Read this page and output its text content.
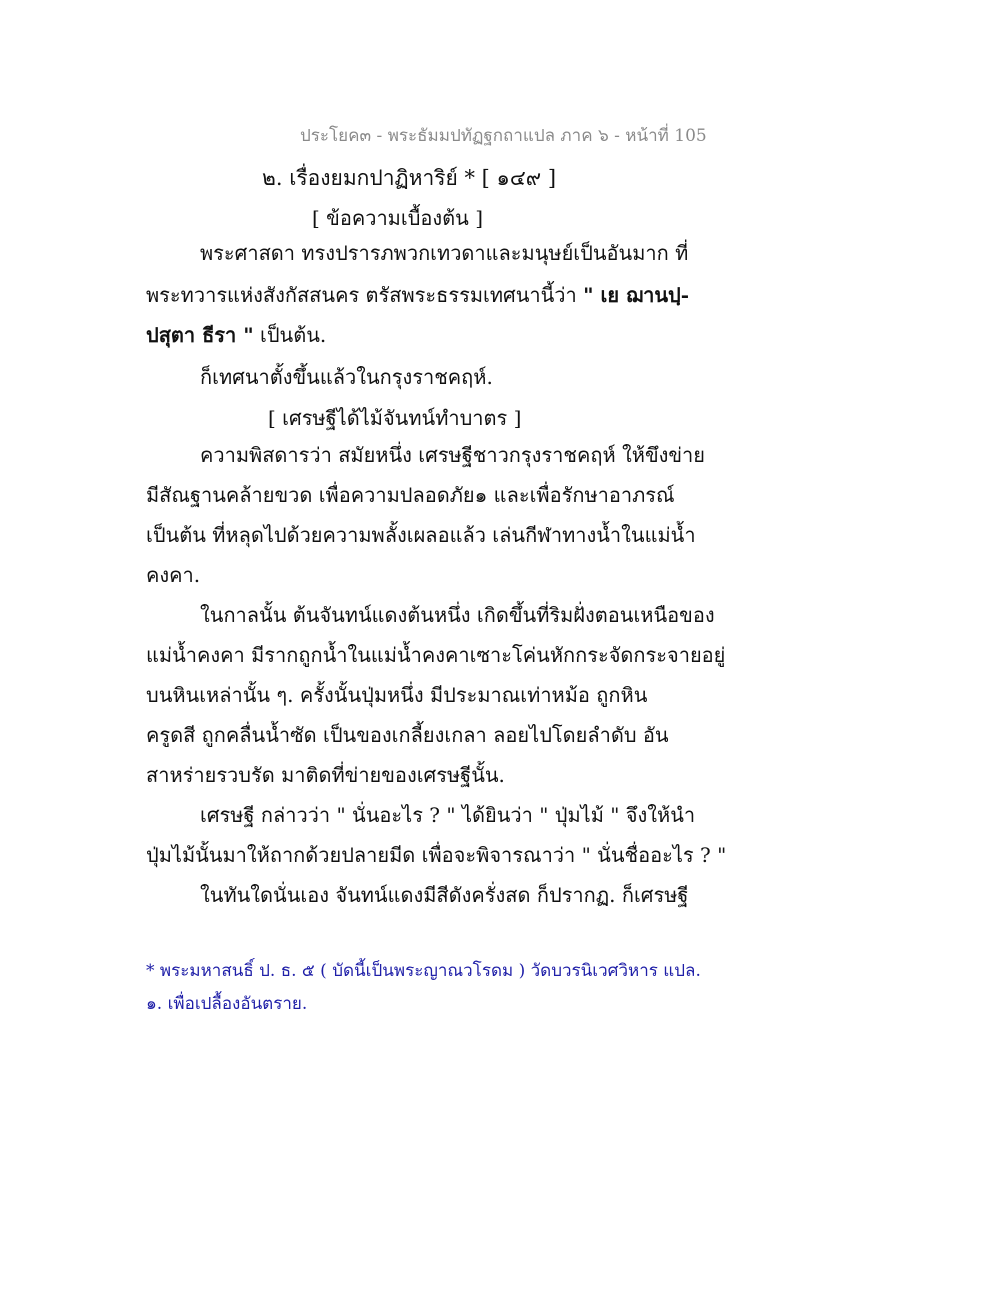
ประโยค๓ - พระธัมมปทัฏฐกถาแปล ภาค ๖ - หน้าที่ 105
๒. เรื่องยมกปาฏิหาริย์ * [ ๑๔๙ ]
[ ข้อความเบื้องต้น ]
พระศาสดา ทรงปรารภพวกเทวดาและมนุษย์เป็นอันมาก ที่
พระทวารแห่งสังกัสสนคร ตรัสพระธรรมเทศนานี้ว่า " เย ฌานปฺ-
ปสุตา ธีรา " เป็นต้น.
ก็เทศนาตั้งขึ้นแล้วในกรุงราชคฤห์.
[ เศรษฐีได้ไม้จันทน์ทำบาตร ]
ความพิสดารว่า สมัยหนึ่ง เศรษฐีชาวกรุงราชคฤห์ ให้ขึงข่าย
มีสัณฐานคล้ายขวด เพื่อความปลอดภัย๑ และเพื่อรักษาอาภรณ์
เป็นต้น ที่หลุดไปด้วยความพลั้งเผลอแล้ว เล่นกีฬาทางน้ำในแม่น้ำ
คงคา.
ในกาลนั้น ต้นจันทน์แดงต้นหนึ่ง เกิดขึ้นที่ริมฝั่งตอนเหนือของ
แม่น้ำคงคา มีรากถูกน้ำในแม่น้ำคงคาเซาะโค่นหักกระจัดกระจายอยู่
บนหินเหล่านั้น ๆ. ครั้งนั้นปุ่มหนึ่ง มีประมาณเท่าหม้อ ถูกหิน
ครูดสี ถูกคลื่นน้ำซัด เป็นของเกลี้ยงเกลา ลอยไปโดยลำดับ อัน
สาหร่ายรวบรัด มาติดที่ข่ายของเศรษฐีนั้น.
เศรษฐี กล่าวว่า " นั่นอะไร ? " ได้ยินว่า " ปุ่มไม้ " จึงให้นำ
ปุ่มไม้นั้นมาให้ถากด้วยปลายมีด เพื่อจะพิจารณาว่า " นั่นชื่ออะไร ? "
ในทันใดนั่นเอง จันทน์แดงมีสีดังครั่งสด ก็ปรากฏ. ก็เศรษฐี
* พระมหาสนธิ์ ป. ธ. ๕ ( บัดนี้เป็นพระญาณวโรดม ) วัดบวรนิเวศวิหาร แปล.
๑. เพื่อเปลื้องอันตราย.
